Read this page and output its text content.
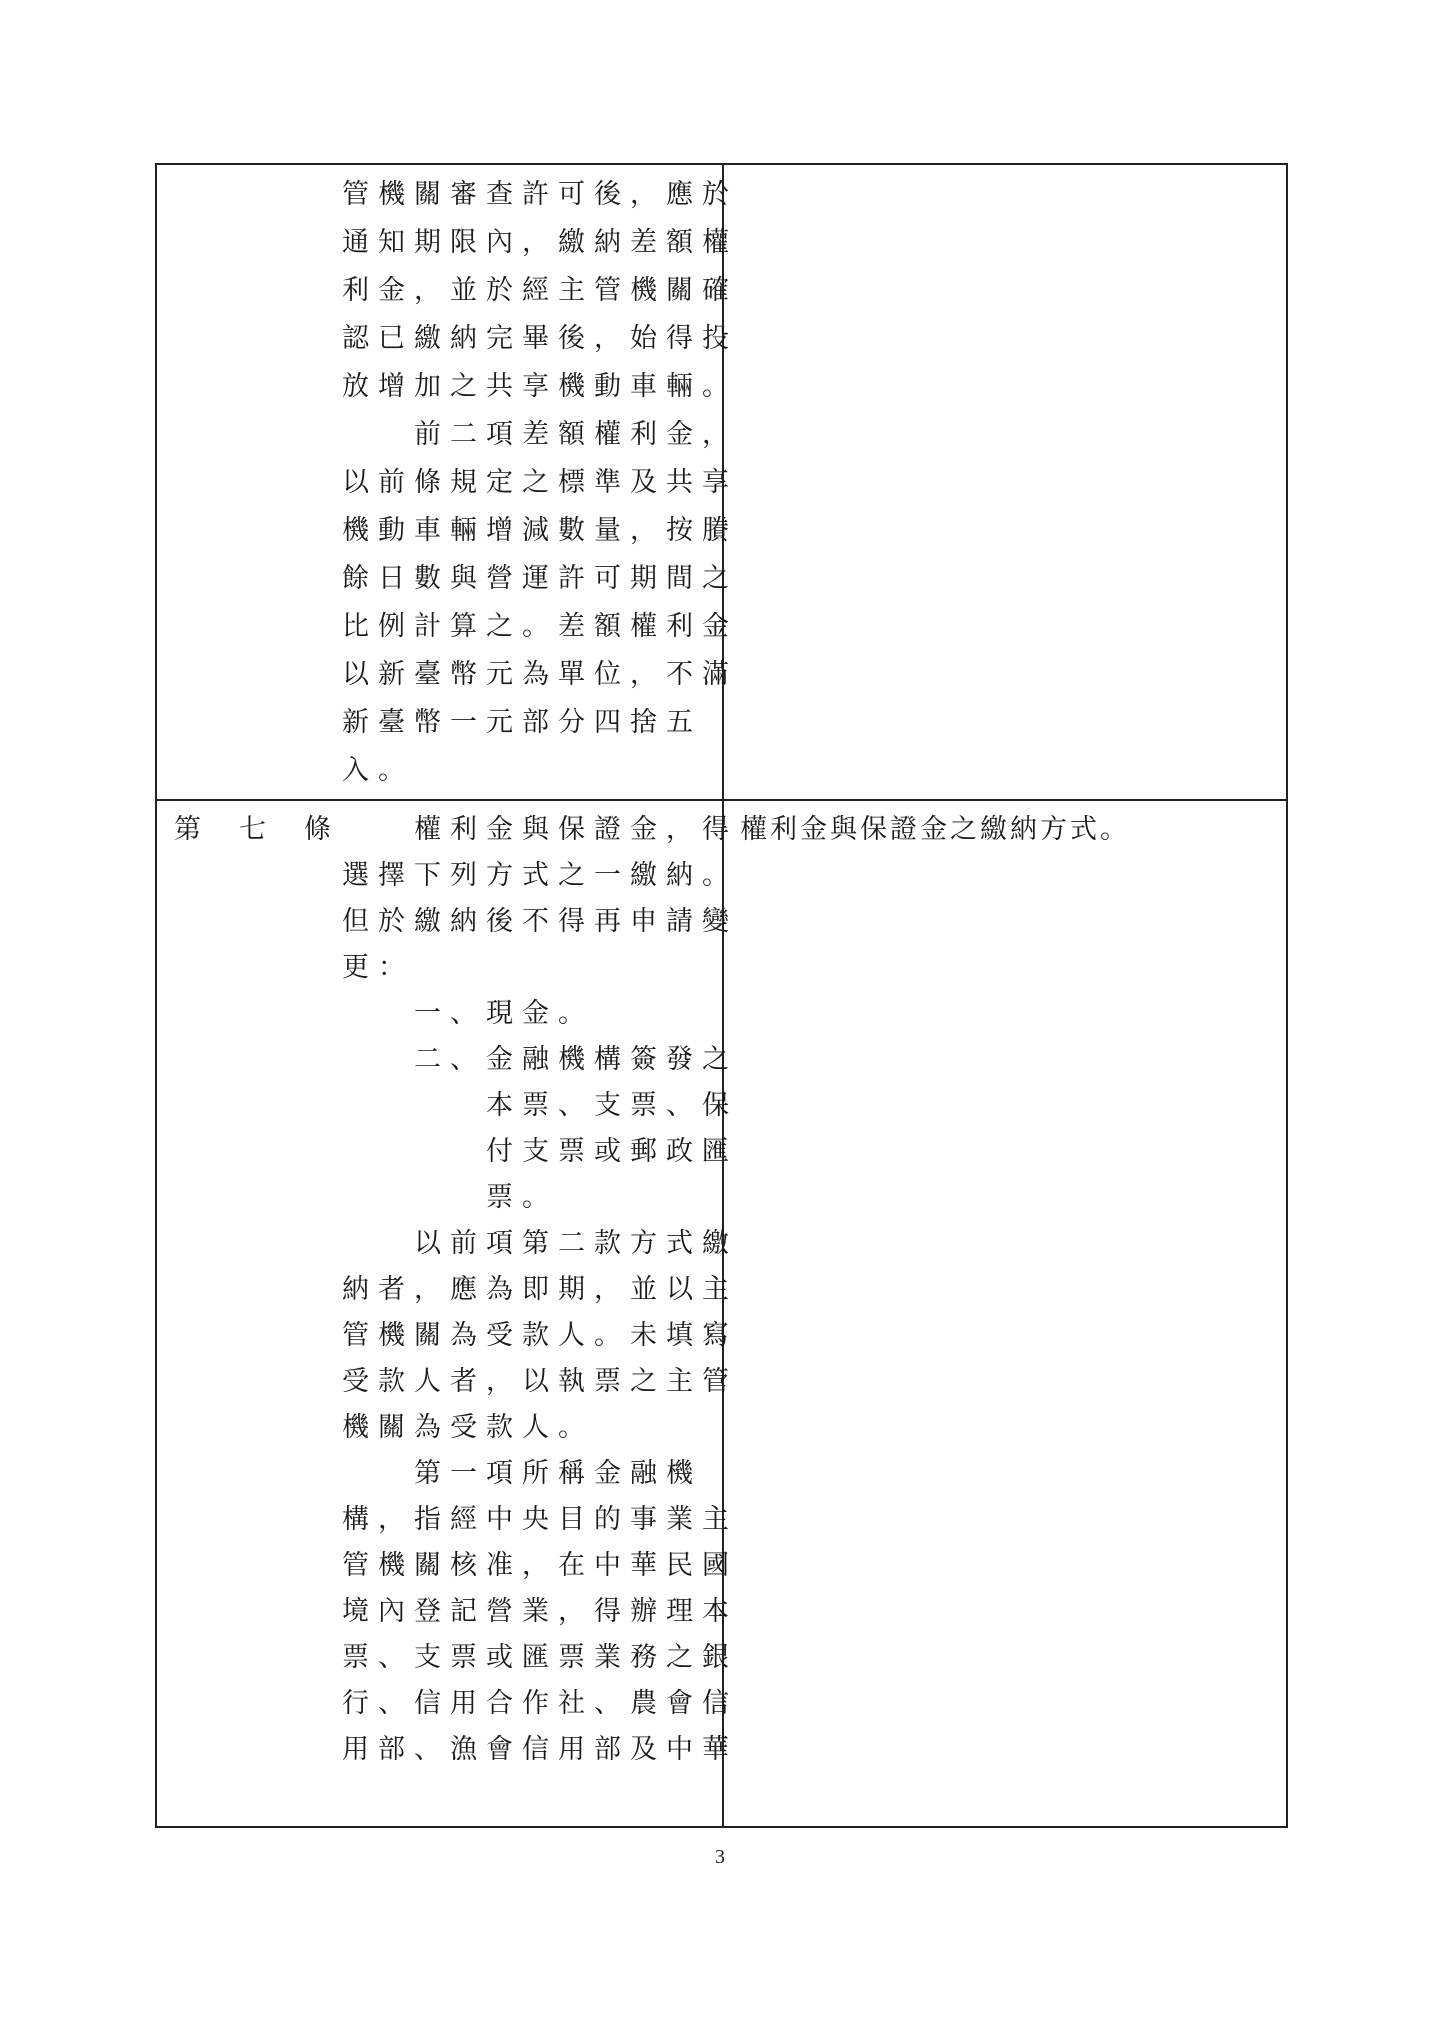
管機關審查許可後，應於
通知期限內，繳納差額權
利金，並於經主管機關確
認已繳納完畢後，始得投
放增加之共享機動車輛。
　　前二項差額權利金，
以前條規定之標準及共享
機動車輛增減數量，按賸
餘日數與營運許可期間之
比例計算之。差額權利金
以新臺幣元為單位，不滿
新臺幣一元部分四捨五
入。
第 七 條 　　權利金與保證金，得
選擇下列方式之一繳納。
但於繳納後不得再申請變
更：
　　一、現金。
　　二、金融機構簽發之
　　　　本票、支票、保
　　　　付支票或郵政匯
　　　　票。
　　以前項第二款方式繳
納者，應為即期，並以主
管機關為受款人。未填寫
受款人者，以執票之主管
機關為受款人。
　　第一項所稱金融機
構，指經中央目的事業主
管機關核准，在中華民國
境內登記營業，得辦理本
票、支票或匯票業務之銀
行、信用合作社、農會信
用部、漁會信用部及中華
權利金與保證金之繳納方式。
3
